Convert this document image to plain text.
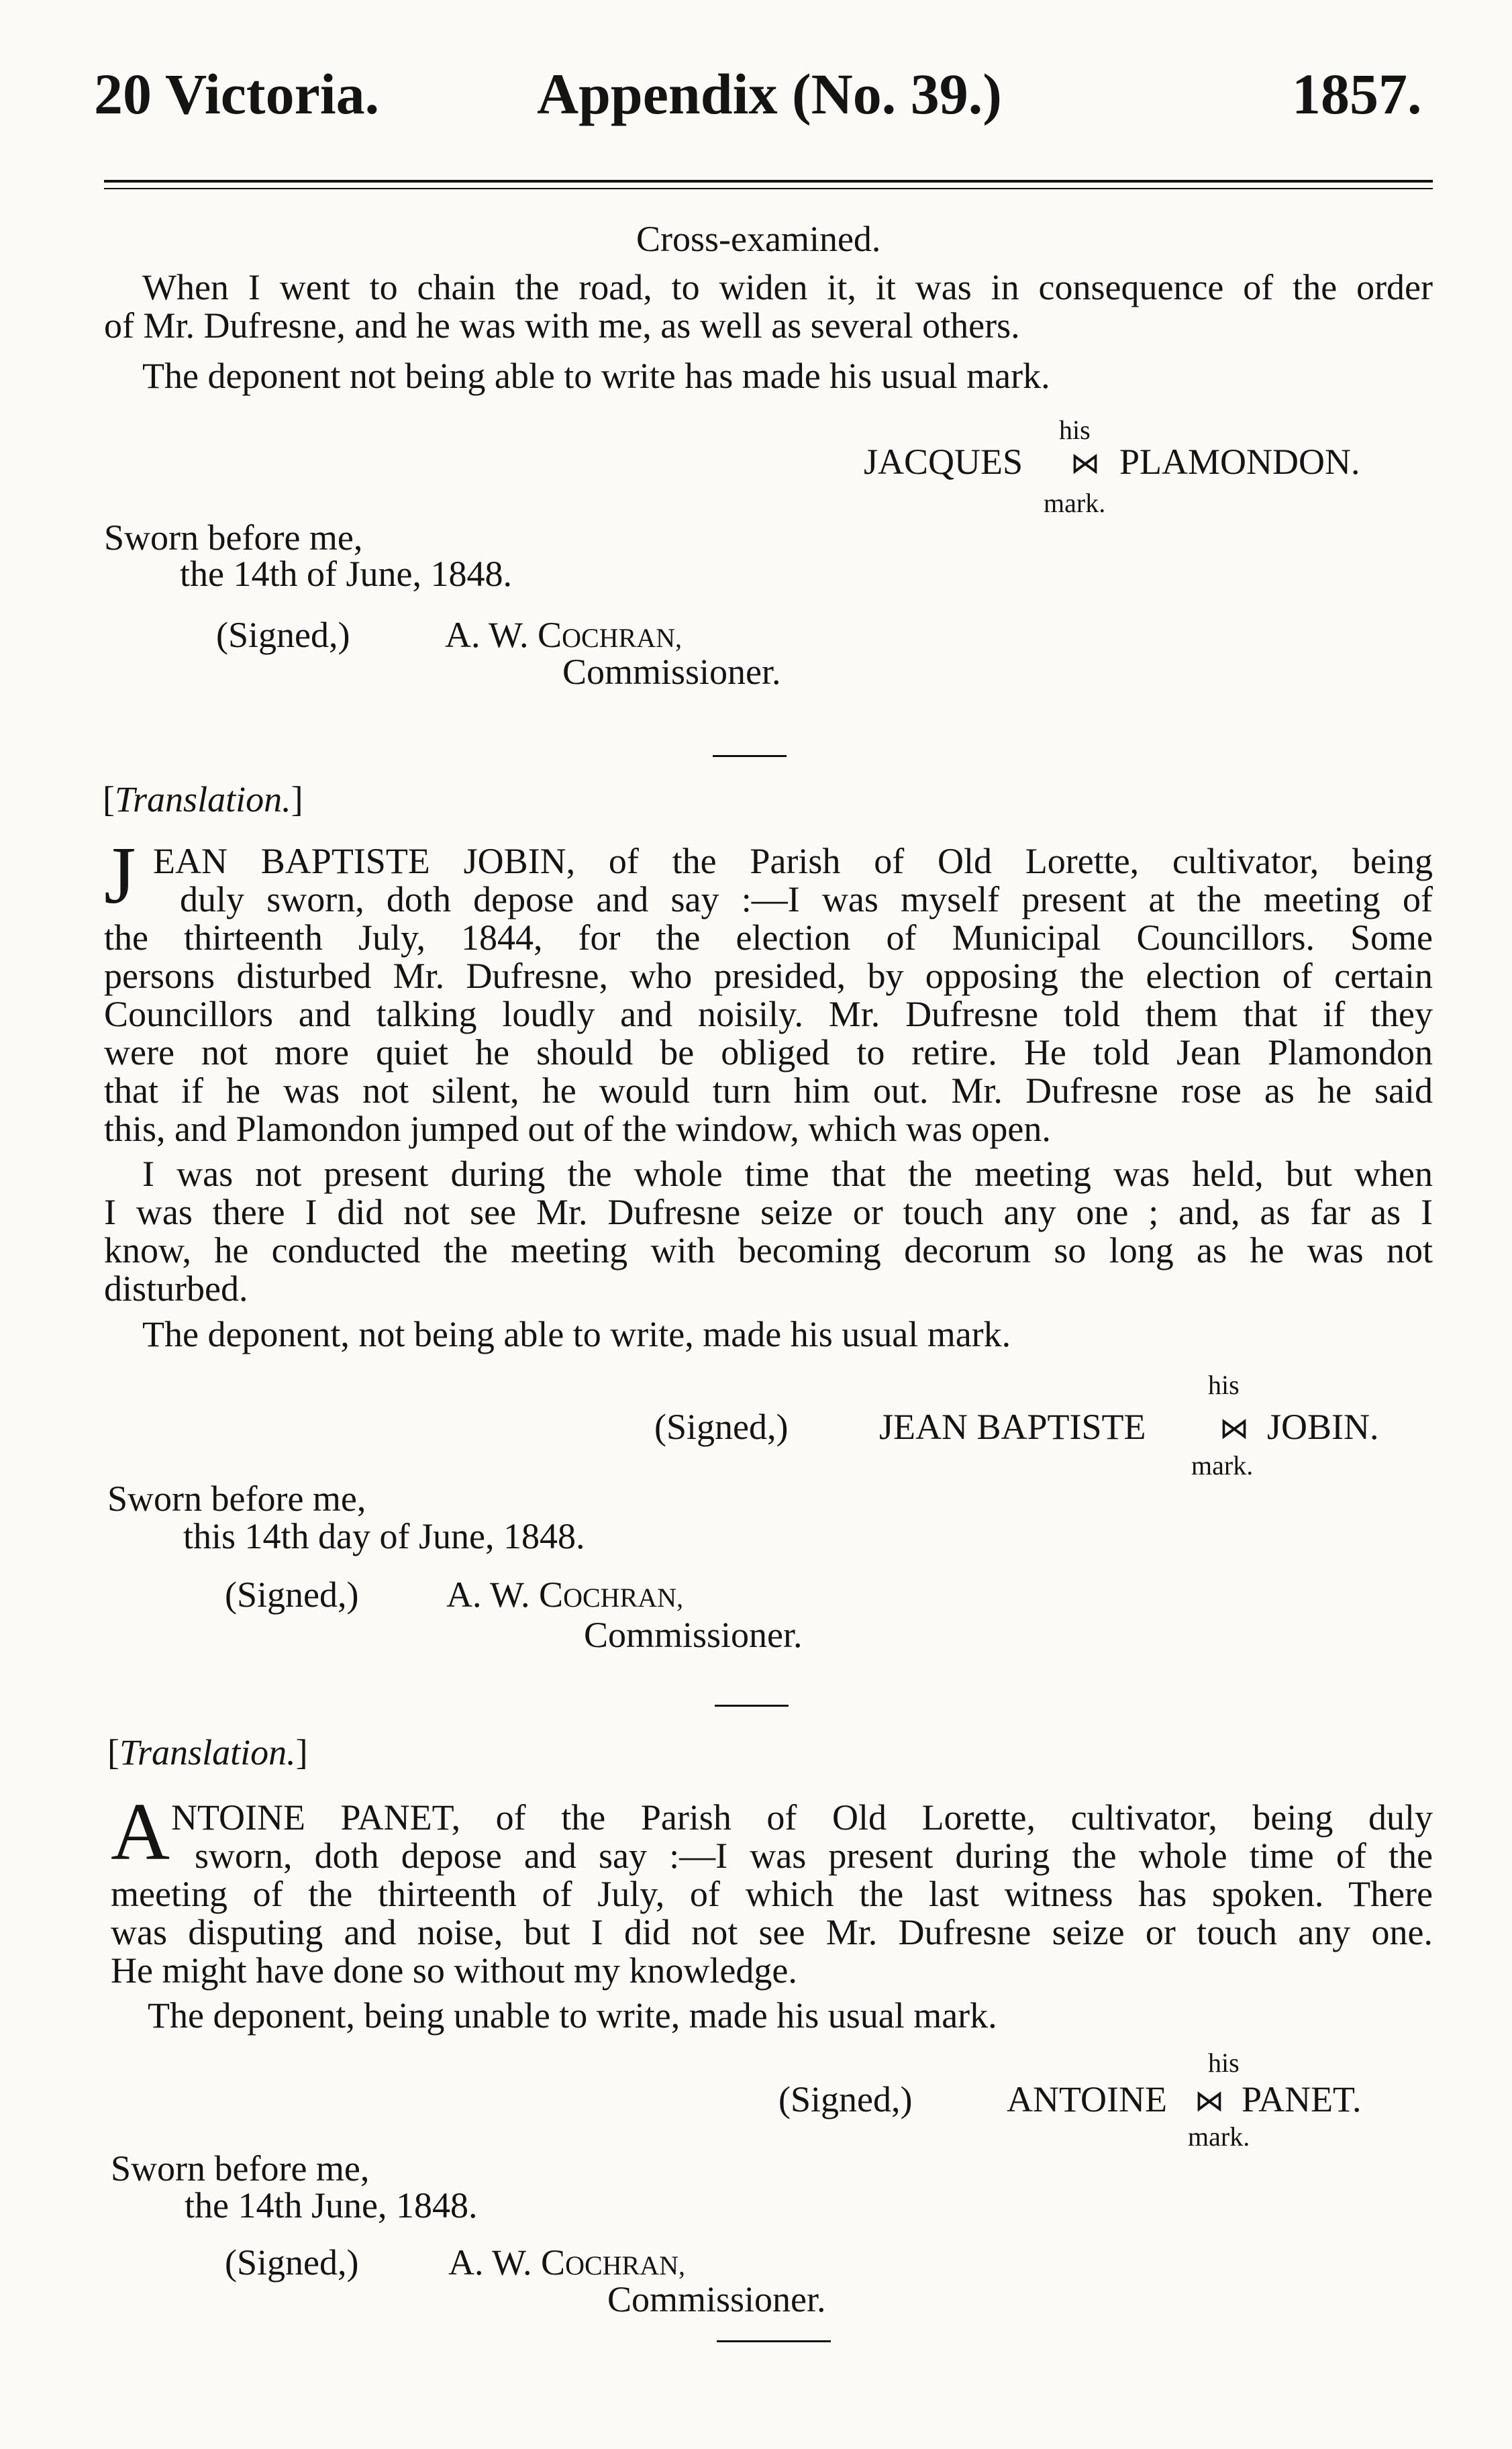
20 Victoria.	Appendix (No. 39.)	1857.
Cross-examined.
When I went to chain the road, to widen it, it was in consequence of the order
of Mr. Dufresne, and he was with me, as well as several others.
The deponent not being able to write has made his usual mark.
his
JACQUES ⋈ PLAMONDON.
mark.
Sworn before me,
the 14th of June, 1848.
(Signed,)	A. W. COCHRAN,
Commissioner.
[Translation.]
J EAN BAPTISTE JOBIN, of the Parish of Old Lorette, cultivator, being
duly sworn, doth depose and say :—I was myself present at the meeting of
the thirteenth July, 1844, for the election of Municipal Councillors. Some
persons disturbed Mr. Dufresne, who presided, by opposing the election of certain
Councillors and talking loudly and noisily. Mr. Dufresne told them that if they
were not more quiet he should be obliged to retire. He told Jean Plamondon
that if he was not silent, he would turn him out. Mr. Dufresne rose as he said
this, and Plamondon jumped out of the window, which was open.
I was not present during the whole time that the meeting was held, but when
I was there I did not see Mr. Dufresne seize or touch any one ; and, as far as I
know, he conducted the meeting with becoming decorum so long as he was not
disturbed.
The deponent, not being able to write, made his usual mark.
his
(Signed,)	JEAN BAPTISTE ⋈ JOBIN.
mark.
Sworn before me,
this 14th day of June, 1848.
(Signed,) A. W. COCHRAN,
Commissioner.
[Translation.]
A NTOINE PANET, of the Parish of Old Lorette, cultivator, being duly
sworn, doth depose and say :—I was present during the whole time of the
meeting of the thirteenth of July, of which the last witness has spoken. There
was disputing and noise, but I did not see Mr. Dufresne seize or touch any one.
He might have done so without my knowledge.
The deponent, being unable to write, made his usual mark.
his
(Signed,)	ANTOINE ⋈ PANET.
mark.
Sworn before me,
the 14th June, 1848.
(Signed,) A. W. COCHRAN,
Commissioner.
